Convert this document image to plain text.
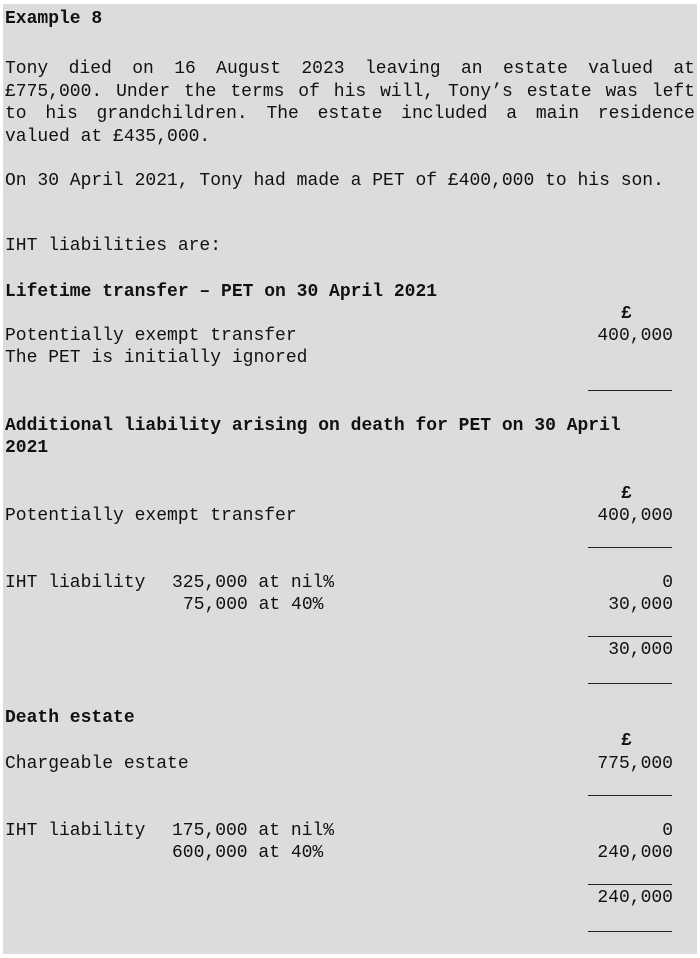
Example 8
Tony died on 16 August 2023 leaving an estate valued at £775,000. Under the terms of his will, Tony’s estate was left to his grandchildren. The estate included a main residence valued at £435,000.
On 30 April 2021, Tony had made a PET of £400,000 to his son.
IHT liabilities are:
Lifetime transfer – PET on 30 April 2021
£
Potentially exempt transfer	400,000
The PET is initially ignored
Additional liability arising on death for PET on 30 April
2021
£
Potentially exempt transfer	400,000
IHT liability 325,000 at nil%	0
75,000 at 40%	30,000
30,000
Death estate
£
Chargeable estate	775,000
IHT liability 175,000 at nil%	0
600,000 at 40%	240,000
240,000
